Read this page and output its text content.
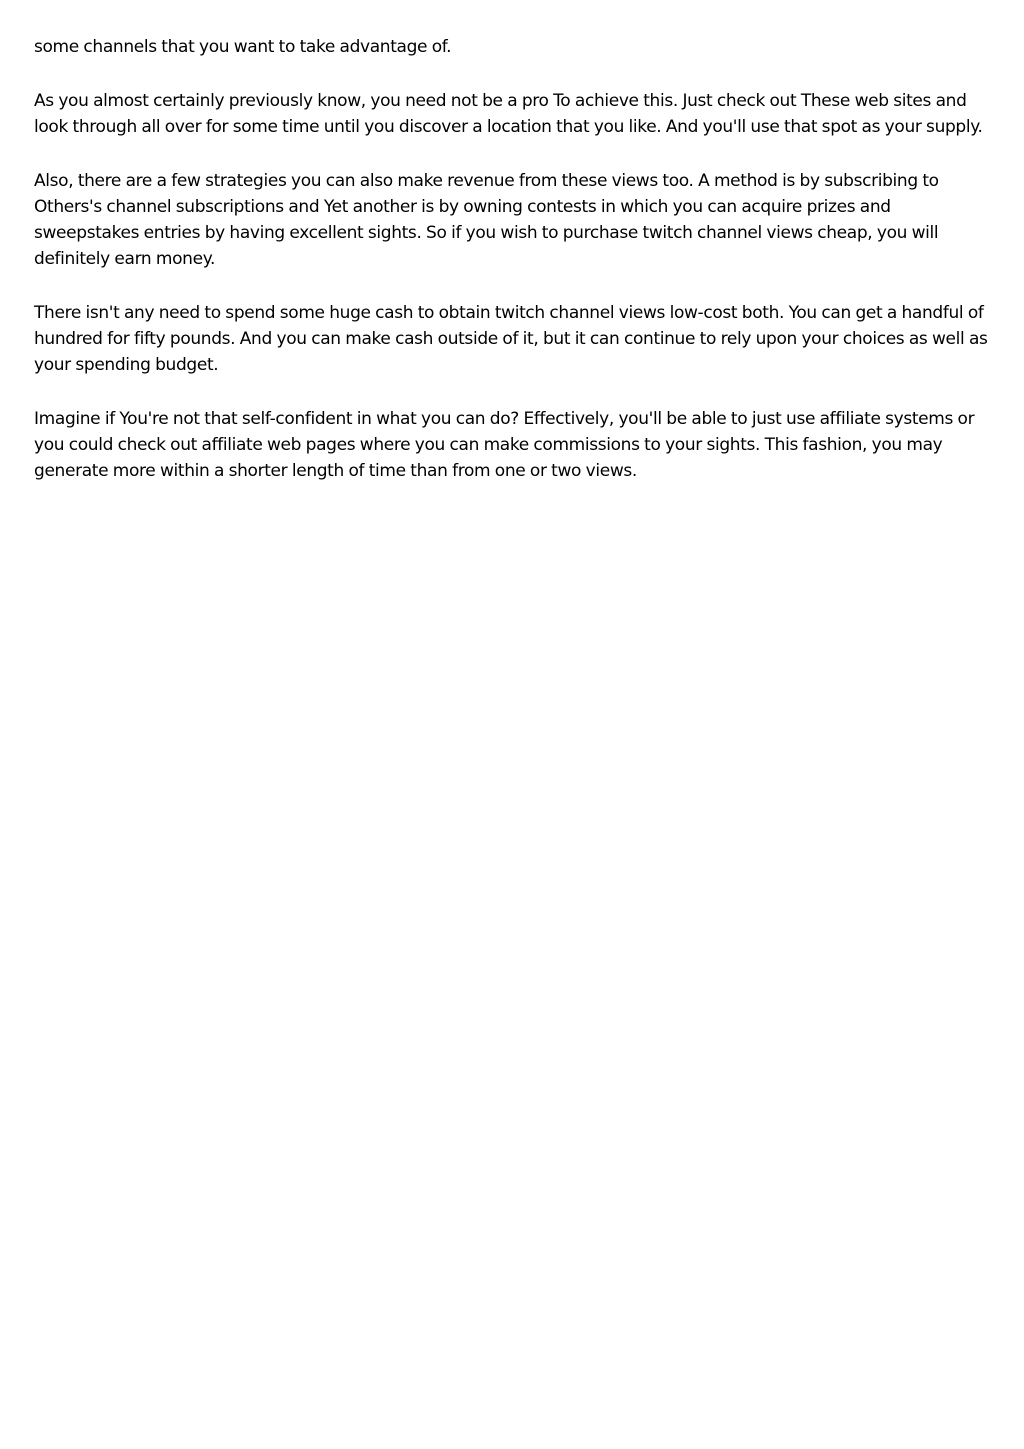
some channels that you want to take advantage of.

As you almost certainly previously know, you need not be a pro To achieve this. Just check out These web sites and look through all over for some time until you discover a location that you like. And you'll use that spot as your supply.

Also, there are a few strategies you can also make revenue from these views too. A method is by subscribing to Others's channel subscriptions and Yet another is by owning contests in which you can acquire prizes and sweepstakes entries by having excellent sights. So if you wish to purchase twitch channel views cheap, you will definitely earn money.

There isn't any need to spend some huge cash to obtain twitch channel views low-cost both. You can get a handful of hundred for fifty pounds. And you can make cash outside of it, but it can continue to rely upon your choices as well as your spending budget.

Imagine if You're not that self-confident in what you can do? Effectively, you'll be able to just use affiliate systems or you could check out affiliate web pages where you can make commissions to your sights. This fashion, you may generate more within a shorter length of time than from one or two views.
